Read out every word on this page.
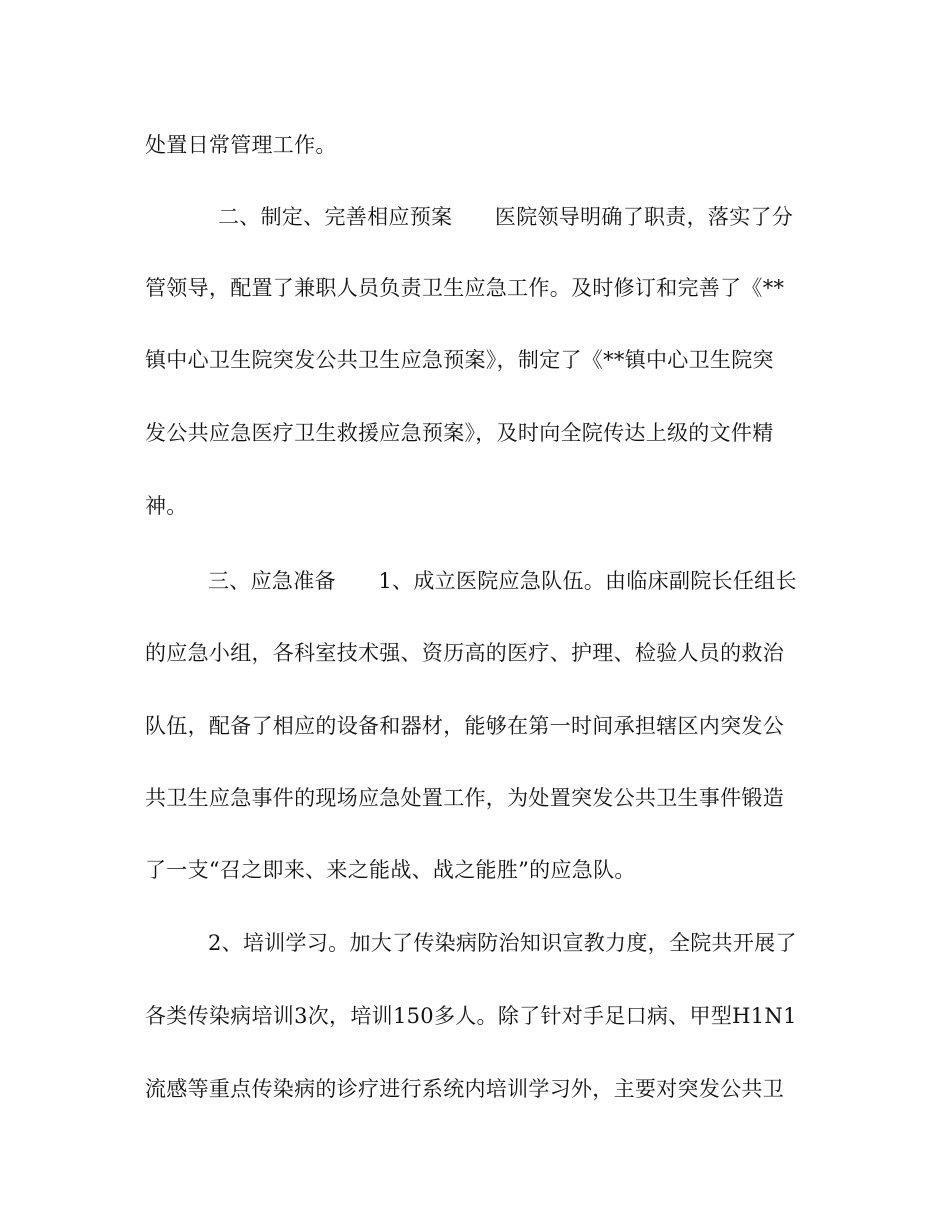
处置日常管理工作。
二、制定、完善相应预案　　医院领导明确了职责，落实了分
管领导，配置了兼职人员负责卫生应急工作。及时修订和完善了《**
镇中心卫生院突发公共卫生应急预案》，制定了《**镇中心卫生院突
发公共应急医疗卫生救援应急预案》，及时向全院传达上级的文件精
神。
三、应急准备　　1、成立医院应急队伍。由临床副院长任组长
的应急小组，各科室技术强、资历高的医疗、护理、检验人员的救治
队伍，配备了相应的设备和器材，能够在第一时间承担辖区内突发公
共卫生应急事件的现场应急处置工作，为处置突发公共卫生事件锻造
了一支“召之即来、来之能战、战之能胜”的应急队。
2、培训学习。加大了传染病防治知识宣教力度，全院共开展了
各类传染病培训3次，培训150多人。除了针对手足口病、甲型H1N1
流感等重点传染病的诊疗进行系统内培训学习外，主要对突发公共卫
